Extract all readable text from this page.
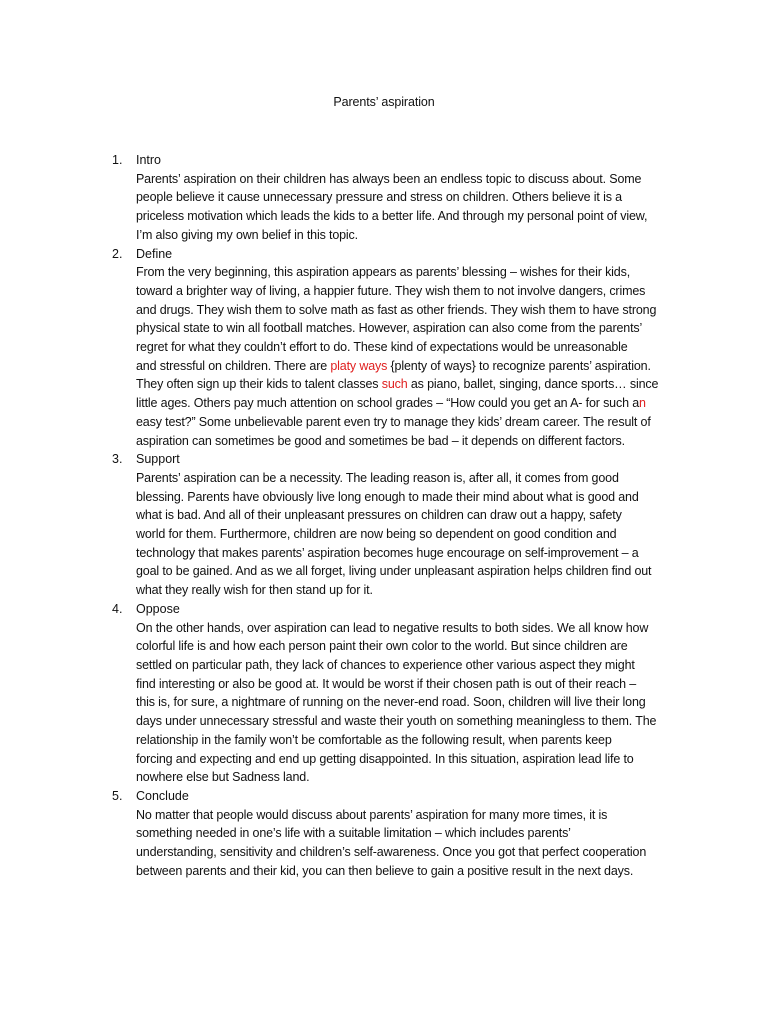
Parents’ aspiration
1. Intro

Parents’ aspiration on their children has always been an endless topic to discuss about. Some
people believe it cause unnecessary pressure and stress on children. Others believe it is a
priceless motivation which leads the kids to a better life. And through my personal point of view,
I’m also giving my own belief in this topic.

2. Define

From the very beginning, this aspiration appears as parents’ blessing – wishes for their kids,
toward a brighter way of living, a happier future. They wish them to not involve dangers, crimes
and drugs. They wish them to solve math as fast as other friends. They wish them to have strong
physical state to win all football matches. However, aspiration can also come from the parents’
regret for what they couldn’t effort to do. These kind of expectations would be unreasonable
and stressful on children. There are platy ways {plenty of ways} to recognize parents’ aspiration.
They often sign up their kids to talent classes such as piano, ballet, singing, dance sports… since
little ages. Others pay much attention on school grades – “How could you get an A- for such an
easy test?” Some unbelievable parent even try to manage they kids’ dream career. The result of
aspiration can sometimes be good and sometimes be bad – it depends on different factors.

3. Support

Parents’ aspiration can be a necessity. The leading reason is, after all, it comes from good
blessing. Parents have obviously live long enough to made their mind about what is good and
what is bad. And all of their unpleasant pressures on children can draw out a happy, safety
world for them. Furthermore, children are now being so dependent on good condition and
technology that makes parents’ aspiration becomes huge encourage on self-improvement – a
goal to be gained. And as we all forget, living under unpleasant aspiration helps children find out
what they really wish for then stand up for it.

4. Oppose

On the other hands, over aspiration can lead to negative results to both sides. We all know how
colorful life is and how each person paint their own color to the world. But since children are
settled on particular path, they lack of chances to experience other various aspect they might
find interesting or also be good at. It would be worst if their chosen path is out of their reach –
this is, for sure, a nightmare of running on the never-end road. Soon, children will live their long
days under unnecessary stressful and waste their youth on something meaningless to them. The
relationship in the family won’t be comfortable as the following result, when parents keep
forcing and expecting and end up getting disappointed. In this situation, aspiration lead life to
nowhere else but Sadness land.

5. Conclude

No matter that people would discuss about parents’ aspiration for many more times, it is
something needed in one’s life with a suitable limitation – which includes parents’
understanding, sensitivity and children’s self-awareness. Once you got that perfect cooperation
between parents and their kid, you can then believe to gain a positive result in the next days.
